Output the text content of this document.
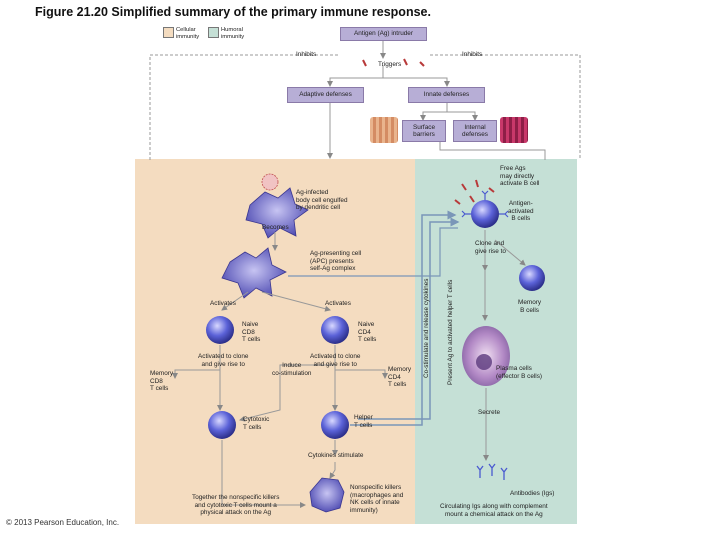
Figure 21.20 Simplified summary of the primary immune response.
Cellular
immunity
Humoral
immunity	Antigen (Ag) intruder
Adaptive defenses	Innate defenses
Surface
barriers
Internal
defenses
Inhibits	Inhibits
Triggers
Free Ags
may directly
activate B cell
Ag-infected
body cell engulfed
by dendritic cell
Becomes
Ag-presenting cell
(APC) presents
self-Ag complex
Activates	Activates
Naive
CD8
T cells
Naive
CD4
T cells
Activated to clone
and give rise to
Activated to clone
and give rise to
Memory
CD8
T cells
Memory
CD4
T cells
Induce
co-stimulation
Cytotoxic
T cells
Helper
T cells
Cytokines stimulate
Together the nonspecific killers
and cytotoxic T cells mount a
physical attack on the Ag
Nonspecific killers
(macrophages and
NK cells of innate
immunity)
Antigen-
activated
B cells
Clone and
give rise to
Memory
B cells
Plasma cells
(effector B cells)
Secrete
Antibodies (Igs)
Circulating Igs along with complement
mount a chemical attack on the Ag
Co-stimulate and release cytokines	Present Ag to activated helper T cells
© 2013 Pearson Education, Inc.
